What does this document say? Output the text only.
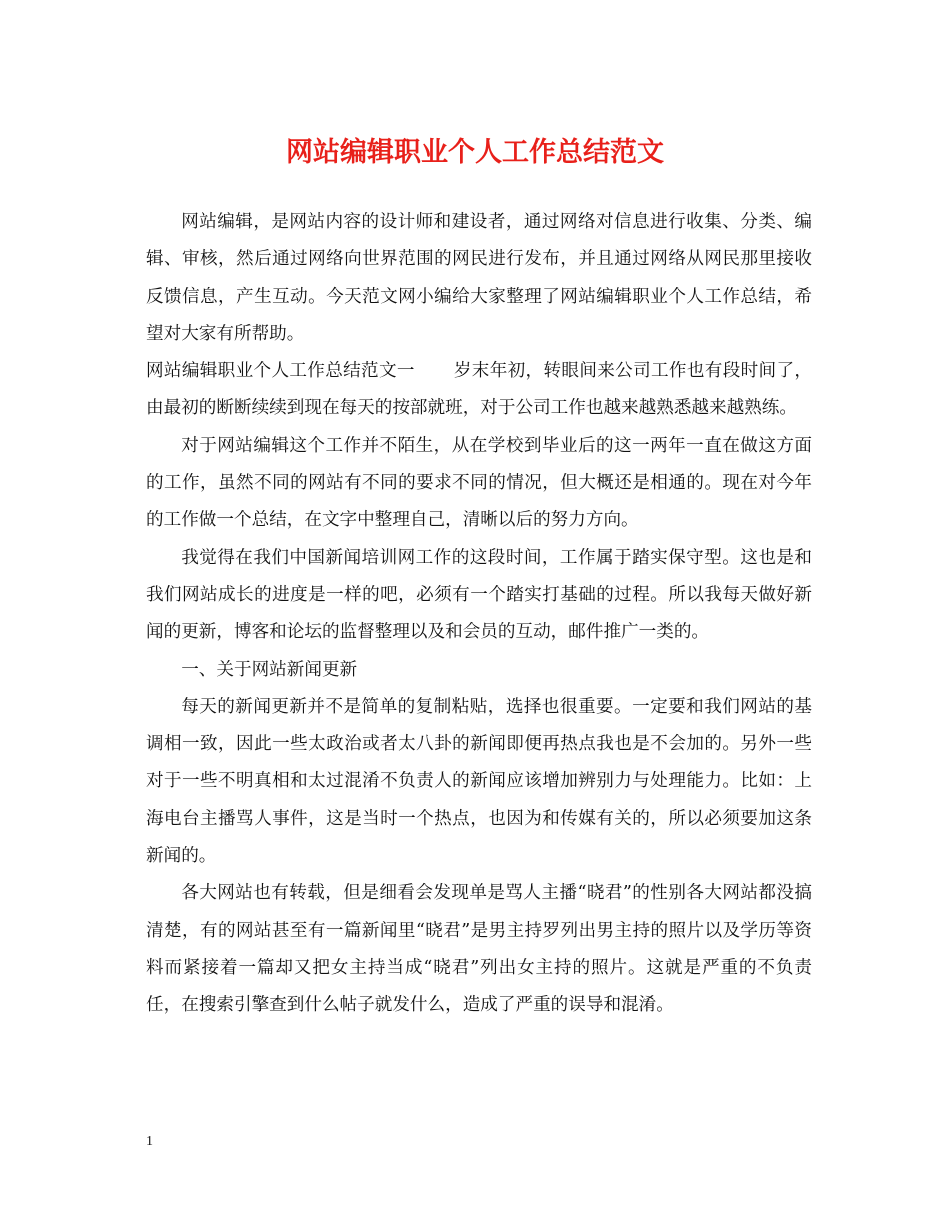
网站编辑职业个人工作总结范文

网站编辑，是网站内容的设计师和建设者，通过网络对信息进行收集、分类、编辑、审核，然后通过网络向世界范围的网民进行发布，并且通过网络从网民那里接收反馈信息，产生互动。今天范文网小编给大家整理了网站编辑职业个人工作总结，希望对大家有所帮助。

网站编辑职业个人工作总结范文一 岁末年初，转眼间来公司工作也有段时间了，由最初的断断续续到现在每天的按部就班，对于公司工作也越来越熟悉越来越熟练。

对于网站编辑这个工作并不陌生，从在学校到毕业后的这一两年一直在做这方面的工作，虽然不同的网站有不同的要求不同的情况，但大概还是相通的。现在对今年的工作做一个总结，在文字中整理自己，清晰以后的努力方向。

我觉得在我们中国新闻培训网工作的这段时间，工作属于踏实保守型。这也是和我们网站成长的进度是一样的吧，必须有一个踏实打基础的过程。所以我每天做好新闻的更新，博客和论坛的监督整理以及和会员的互动，邮件推广一类的。

一、关于网站新闻更新

每天的新闻更新并不是简单的复制粘贴，选择也很重要。一定要和我们网站的基调相一致，因此一些太政治或者太八卦的新闻即便再热点我也是不会加的。另外一些对于一些不明真相和太过混淆不负责人的新闻应该增加辨别力与处理能力。比如：上海电台主播骂人事件，这是当时一个热点，也因为和传媒有关的，所以必须要加这条新闻的。

各大网站也有转载，但是细看会发现单是骂人主播“晓君”的性别各大网站都没搞清楚，有的网站甚至有一篇新闻里“晓君”是男主持罗列出男主持的照片以及学历等资料而紧接着一篇却又把女主持当成“晓君”列出女主持的照片。这就是严重的不负责任，在搜索引擎查到什么帖子就发什么，造成了严重的误导和混淆。

1
